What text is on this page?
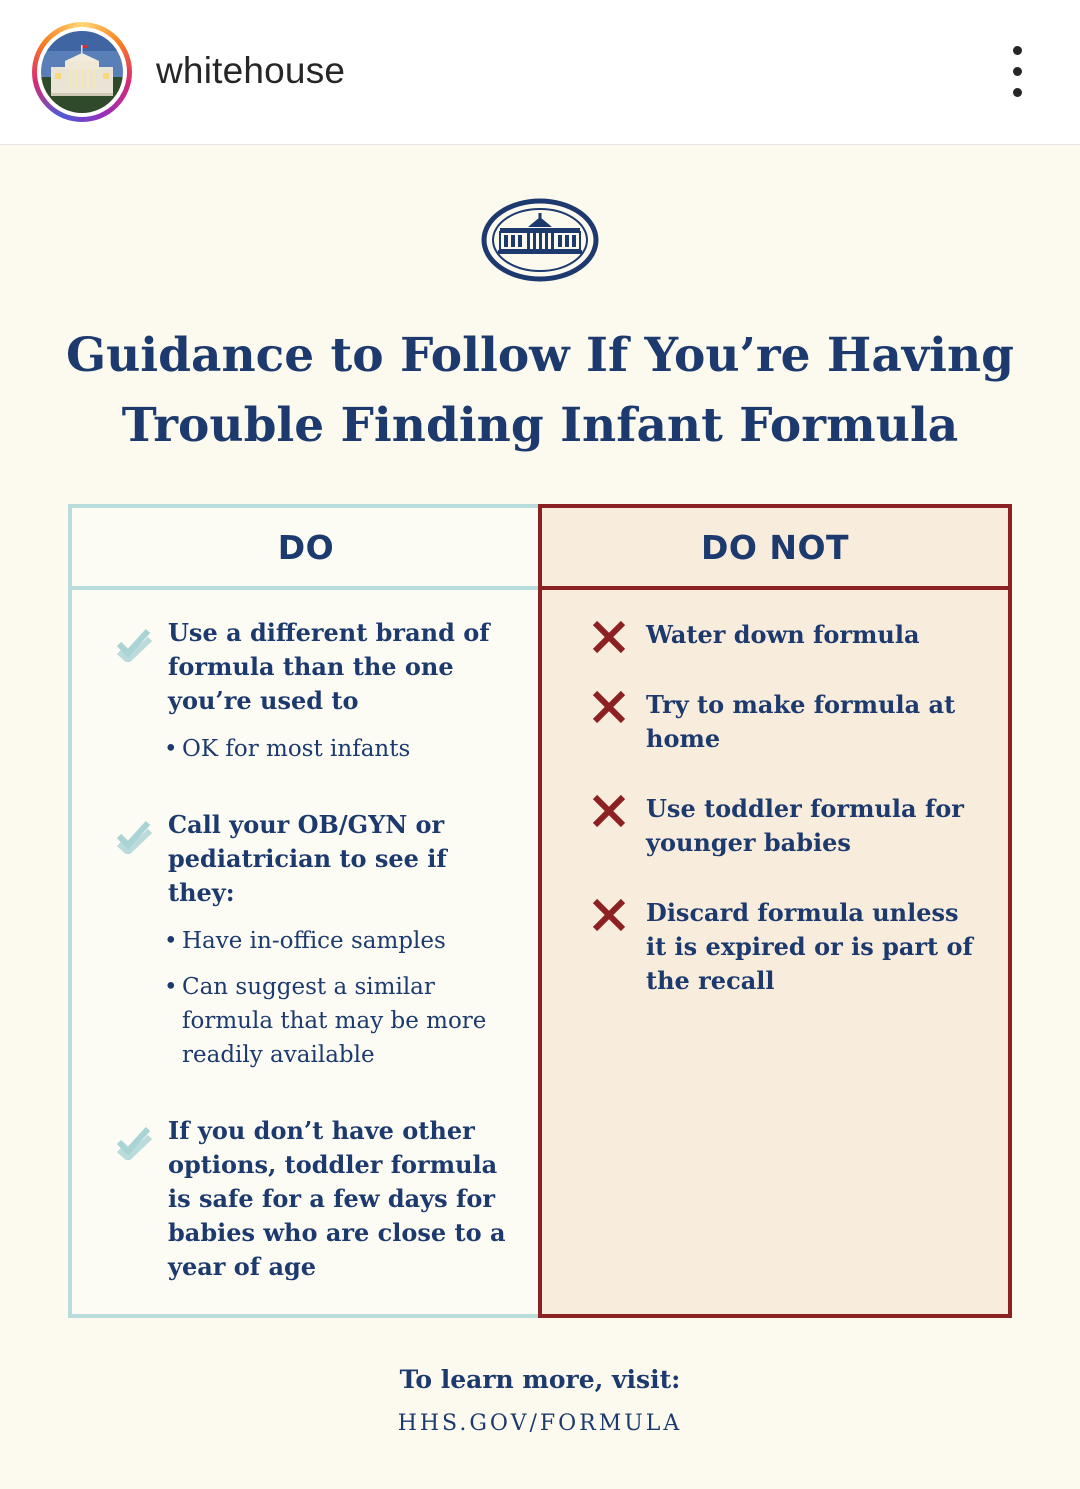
whitehouse
Guidance to Follow If You’re Having
Trouble Finding Infant Formula
DO
Use a different brand of
formula than the one
you’re used to
• OK for most infants
Call your OB/GYN or
pediatrician to see if
they:
• Have in-office samples
• Can suggest a similar
formula that may be more
readily available
If you don’t have other
options, toddler formula
is safe for a few days for
babies who are close to a
year of age
DO NOT
Water down formula
Try to make formula at
home
Use toddler formula for
younger babies
Discard formula unless
it is expired or is part of
the recall
To learn more, visit:
HHS.GOV/FORMULA
